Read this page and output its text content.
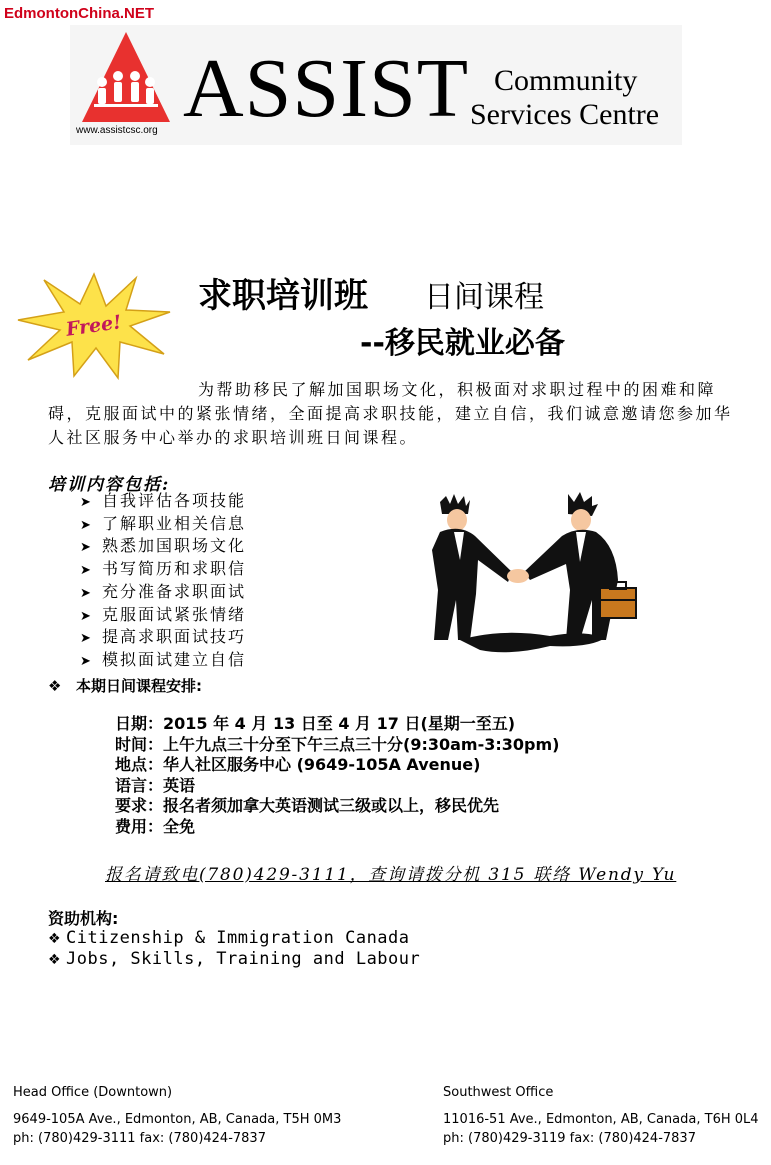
EdmontonChina.NET
www.assistcsc.org ASSIST Community
Services Centre
Free!
求职培训班 日间课程
--移民就业必备

为帮助移民了解加国职场文化，积极面对求职过程中的困难和障碍，克服面试中的紧张情绪，全面提高求职技能，建立自信，我们诚意邀请您参加华人社区服务中心举办的求职培训班日间课程。

培训内容包括:
➤ 自我评估各项技能
➤ 了解职业相关信息
➤ 熟悉加国职场文化
➤ 书写简历和求职信
➤ 充分准备求职面试
➤ 克服面试紧张情绪
➤ 提高求职面试技巧
➤ 模拟面试建立自信
❖ 本期日间课程安排:
日期：2015 年 4 月 13 日至 4 月 17 日(星期一至五)
时间：上午九点三十分至下午三点三十分(9:30am-3:30pm)
地点：华人社区服务中心 (9649-105A Avenue)
语言：英语
要求：报名者须加拿大英语测试三级或以上，移民优先
费用：全免
报名请致电(780)429-3111，查询请拨分机 315 联络 Wendy Yu
资助机构:
❖ Citizenship & Immigration Canada
❖ Jobs, Skills, Training and Labour
Head Office (Downtown)
9649-105A Ave., Edmonton, AB, Canada, T5H 0M3
ph: (780)429-3111 fax: (780)424-7837
Southwest Office
11016-51 Ave., Edmonton, AB, Canada, T6H 0L4
ph: (780)429-3119 fax: (780)424-7837
